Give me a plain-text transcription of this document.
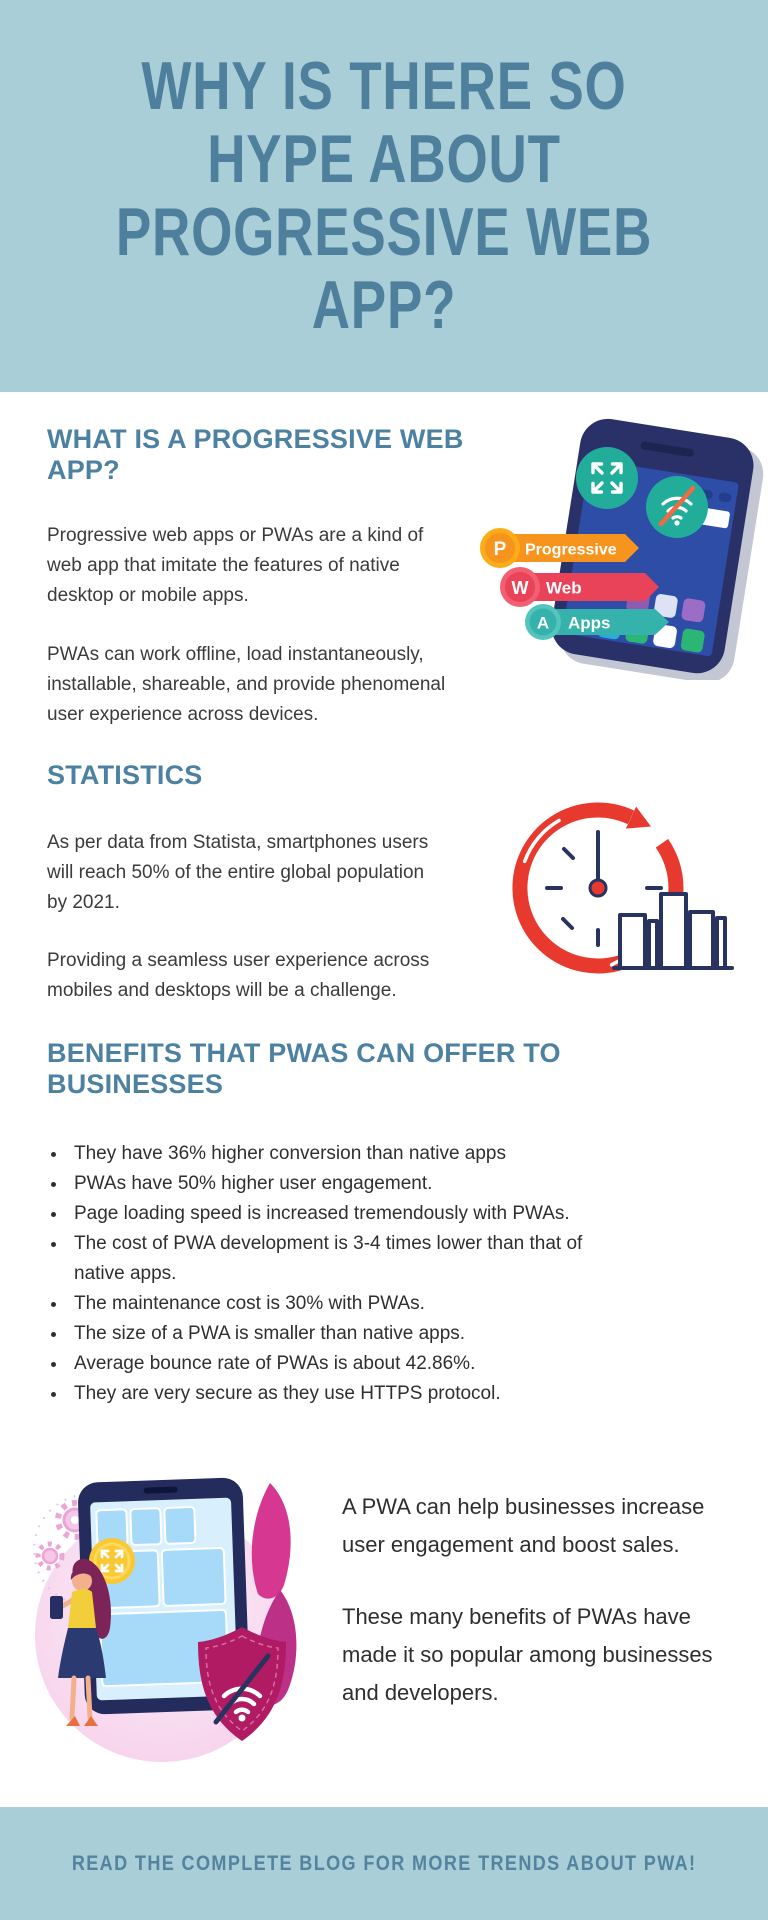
WHY IS THERE SO
HYPE ABOUT
PROGRESSIVE WEB
APP?
WHAT IS A PROGRESSIVE WEB
APP?
Progressive web apps or PWAs are a kind of
web app that imitate the features of native
desktop or mobile apps.
PWAs can work offline, load instantaneously,
installable, shareable, and provide phenomenal
user experience across devices.
P Progressive
W Web
A Apps
STATISTICS
As per data from Statista, smartphones users
will reach 50% of the entire global population
by 2021.
Providing a seamless user experience across
mobiles and desktops will be a challenge.
BENEFITS THAT PWAS CAN OFFER TO
BUSINESSES
• They have 36% higher conversion than native apps
• PWAs have 50% higher user engagement.
• Page loading speed is increased tremendously with PWAs.
• The cost of PWA development is 3-4 times lower than that of native apps.
• The maintenance cost is 30% with PWAs.
• The size of a PWA is smaller than native apps.
• Average bounce rate of PWAs is about 42.86%.
• They are very secure as they use HTTPS protocol.
A PWA can help businesses increase
user engagement and boost sales.
These many benefits of PWAs have
made it so popular among businesses
and developers.
READ THE COMPLETE BLOG FOR MORE TRENDS ABOUT PWA!
